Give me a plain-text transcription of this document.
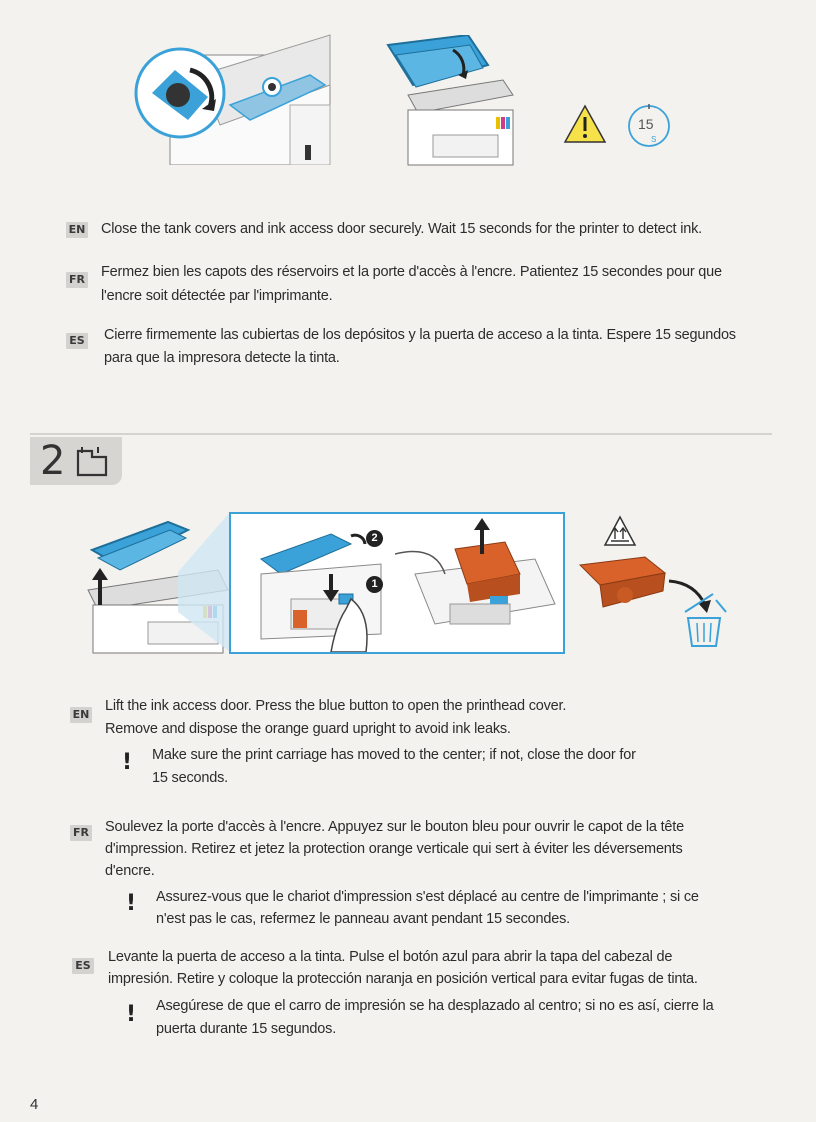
15
S
EN Close the tank covers and ink access door securely. Wait 15 seconds for the printer to detect ink.
FR Fermez bien les capots des réservoirs et la porte d'accès à l'encre. Patientez 15 secondes pour que
l'encre soit détectée par l'imprimante.
ES Cierre firmemente las cubiertas de los depósitos y la puerta de acceso a la tinta. Espere 15 segundos
para que la impresora detecte la tinta.
2
2
1
EN
Lift the ink access door. Press the blue button to open the printhead cover.
Remove and dispose the orange guard upright to avoid ink leaks.
! Make sure the print carriage has moved to the center; if not, close the door for
15 seconds.
FR Soulevez la porte d'accès à l'encre. Appuyez sur le bouton bleu pour ouvrir le capot de la tête
d'impression. Retirez et jetez la protection orange verticale qui sert à éviter les déversements
d'encre.
! Assurez-vous que le chariot d'impression s'est déplacé au centre de l'imprimante ; si ce
n'est pas le cas, refermez le panneau avant pendant 15 secondes.
ES
Levante la puerta de acceso a la tinta. Pulse el botón azul para abrir la tapa del cabezal de
impresión. Retire y coloque la protección naranja en posición vertical para evitar fugas de tinta.
! Asegúrese de que el carro de impresión se ha desplazado al centro; si no es así, cierre la
puerta durante 15 segundos.
4
